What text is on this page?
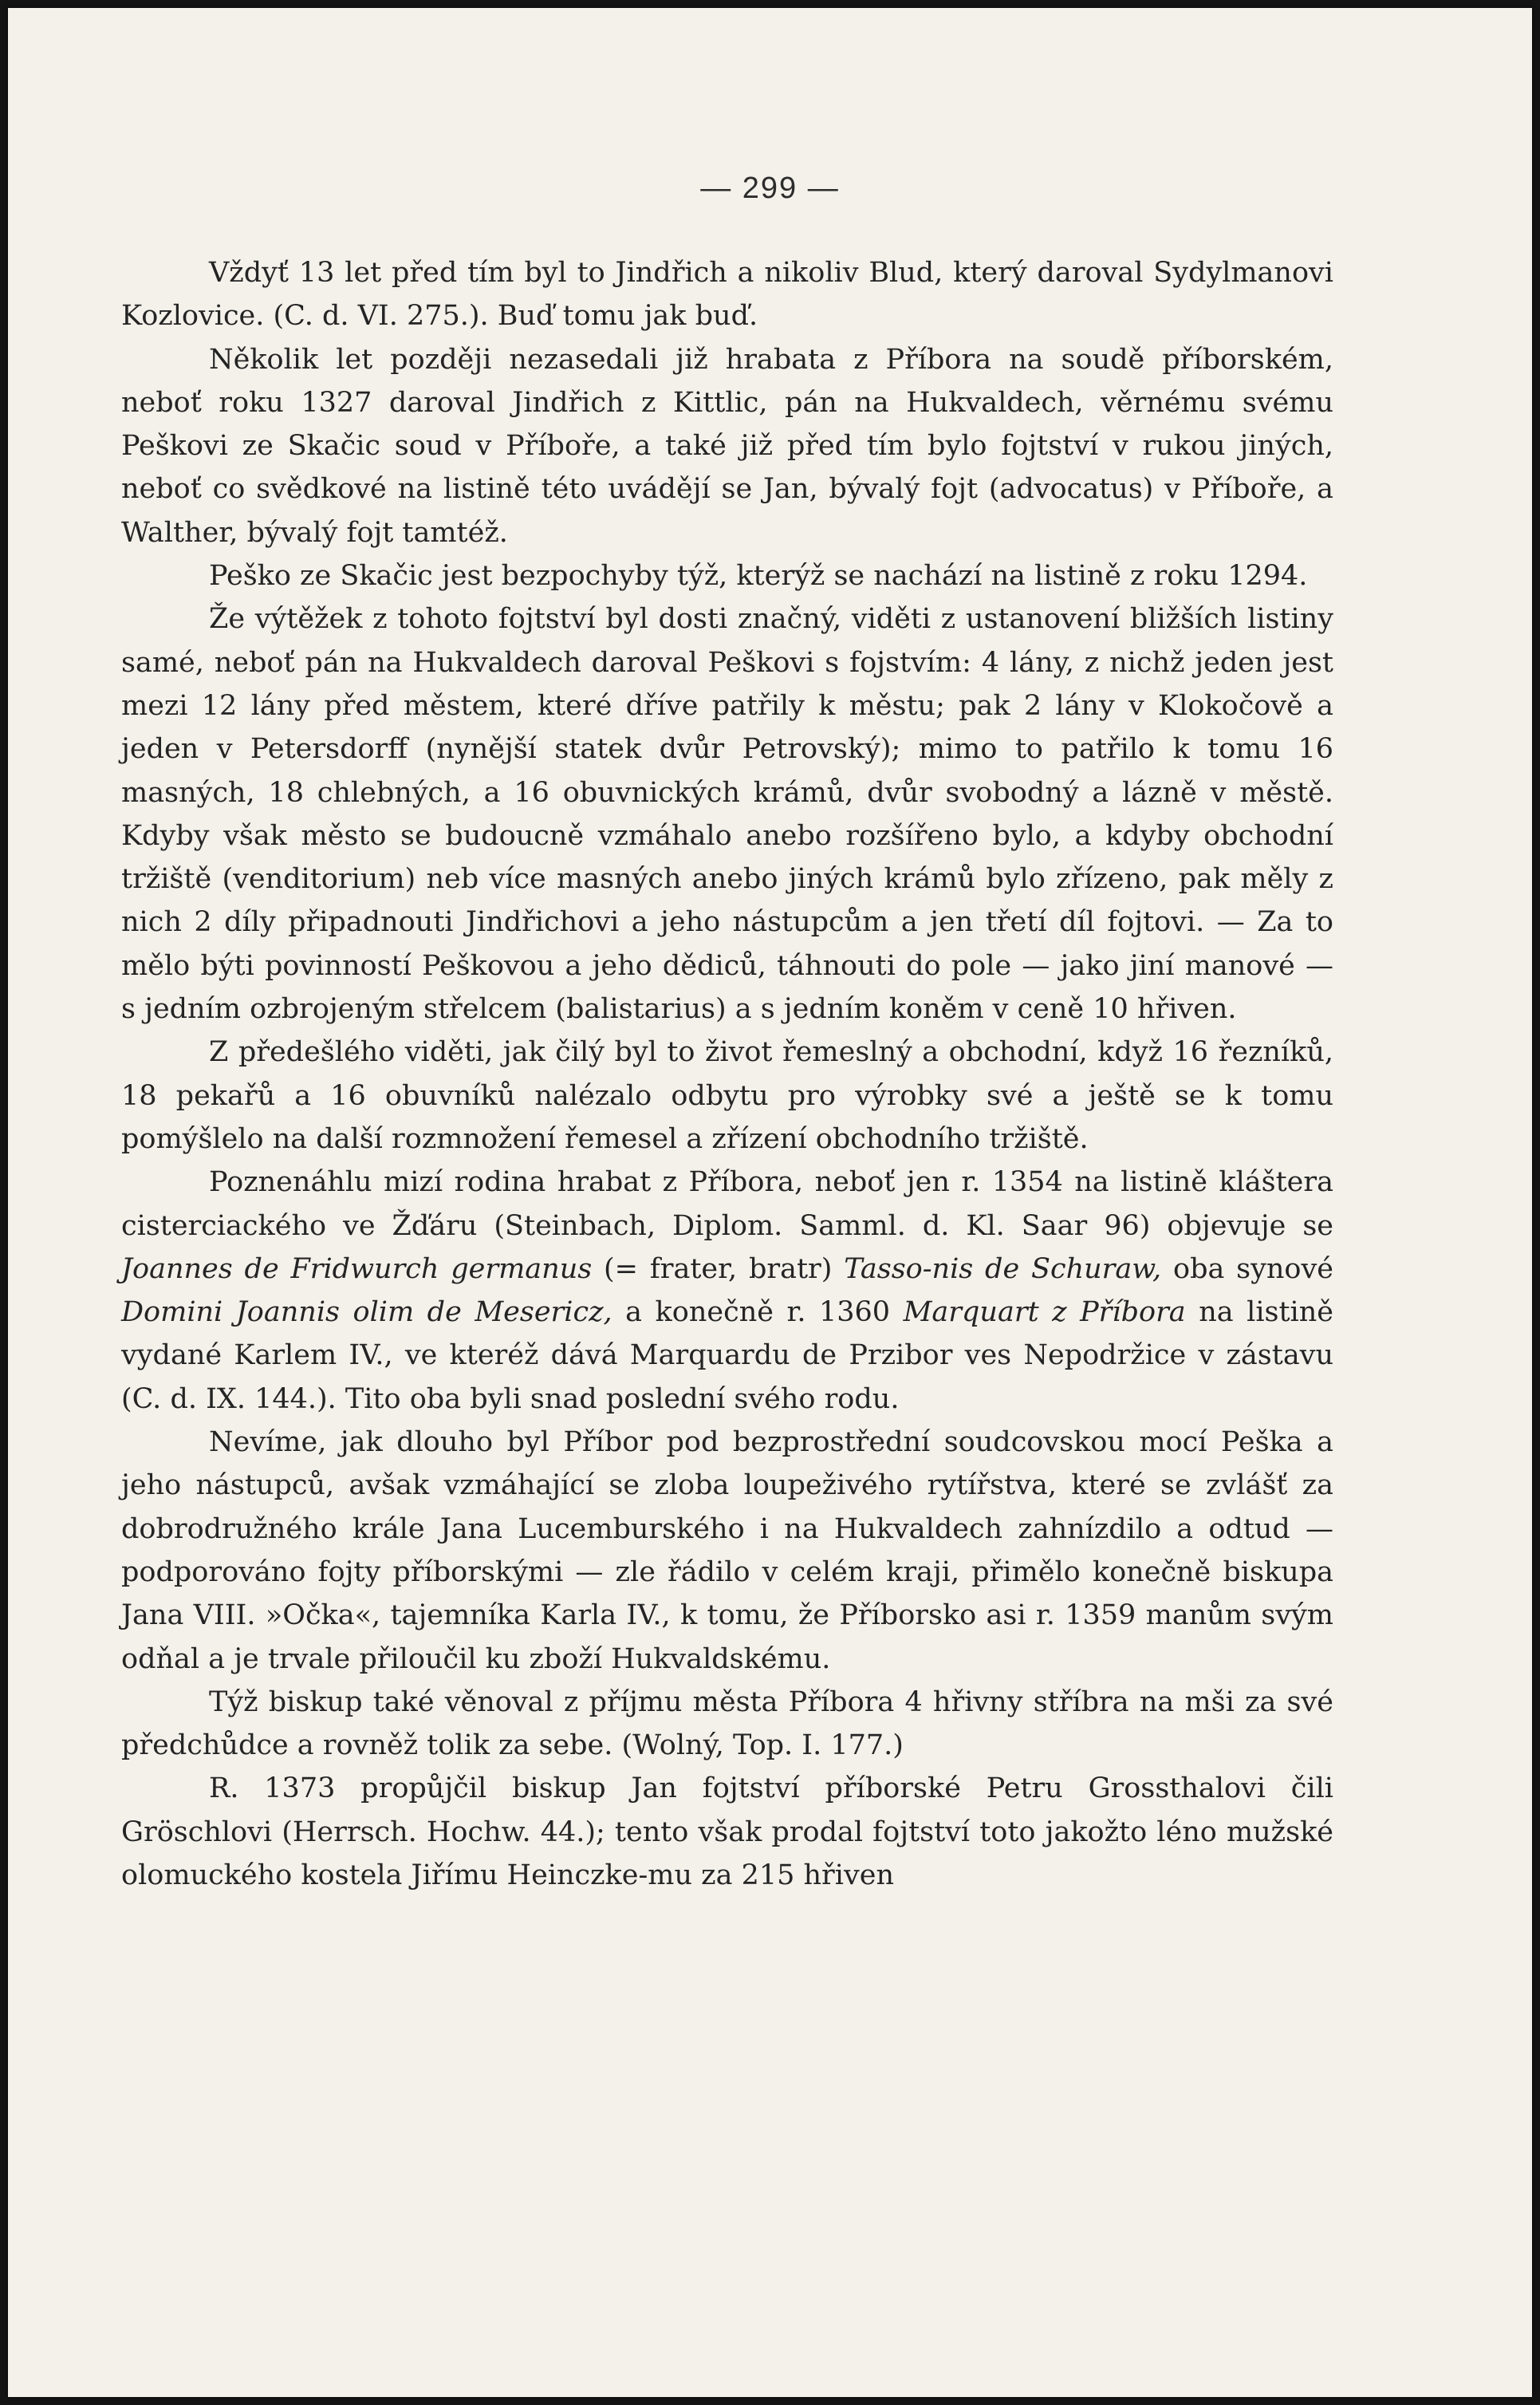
— 299 —

Vždyť 13 let před tím byl to Jindřich a nikoliv Blud, který daroval Sydylmanovi Kozlovice. (C. d. VI. 275.). Buď tomu jak buď.

Několik let později nezasedali již hrabata z Příbora na soudě příborském, neboť roku 1327 daroval Jindřich z Kittlic, pán na Hukvaldech, věrnému svému Peškovi ze Skačic soud v Příboře, a také již před tím bylo fojtství v rukou jiných, neboť co svědkové na listině této uvádějí se Jan, bývalý fojt (advocatus) v Příboře, a Walther, bývalý fojt tamtéž.

Peško ze Skačic jest bezpochyby týž, kterýž se nachází na listině z roku 1294.

Že výtěžek z tohoto fojtství byl dosti značný, viděti z ustanovení bližších listiny samé, neboť pán na Hukvaldech daroval Peškovi s fojstvím: 4 lány, z nichž jeden jest mezi 12 lány před městem, které dříve patřily k městu; pak 2 lány v Klokočově a jeden v Petersdorff (nynější statek dvůr Petrovský); mimo to patřilo k tomu 16 masných, 18 chlebných, a 16 obuvnických krámů, dvůr svobodný a lázně v městě. Kdyby však město se budoucně vzmáhalo anebo rozšířeno bylo, a kdyby obchodní tržiště (venditorium) neb více masných anebo jiných krámů bylo zřízeno, pak měly z nich 2 díly připadnouti Jindřichovi a jeho nástupcům a jen třetí díl fojtovi. — Za to mělo býti povinností Peškovou a jeho dědiců, táhnouti do pole — jako jiní manové — s jedním ozbrojeným střelcem (balistarius) a s jedním koněm v ceně 10 hřiven.

Z předešlého viděti, jak čilý byl to život řemeslný a obchodní, když 16 řezníků, 18 pekařů a 16 obuvníků nalézalo odbytu pro výrobky své a ještě se k tomu pomýšlelo na další rozmnožení řemesel a zřízení obchodního tržiště.

Poznenáhlu mizí rodina hrabat z Příbora, neboť jen r. 1354 na listině kláštera cisterciackého ve Žďáru (Steinbach, Diplom. Samml. d. Kl. Saar 96) objevuje se Joannes de Fridwurch germanus (= frater, bratr) Tasso-nis de Schuraw, oba synové Domini Joannis olim de Mesericz, a konečně r. 1360 Marquart z Příbora na listině vydané Karlem IV., ve kteréž dává Marquardu de Przibor ves Nepodržice v zástavu (C. d. IX. 144.). Tito oba byli snad poslední svého rodu.

Nevíme, jak dlouho byl Příbor pod bezprostřední soudcovskou mocí Peška a jeho nástupců, avšak vzmáhající se zloba loupeživého rytířstva, které se zvlášť za dobrodružného krále Jana Lucemburského i na Hukvaldech zahnízdilo a odtud — podporováno fojty příborskými — zle řádilo v celém kraji, přimělo konečně biskupa Jana VIII. »Očka«, tajemníka Karla IV., k tomu, že Příborsko asi r. 1359 manům svým odňal a je trvale přiloučil ku zboží Hukvaldskému.

Týž biskup také věnoval z příjmu města Příbora 4 hřivny stříbra na mši za své předchůdce a rovněž tolik za sebe. (Wolný, Top. I. 177.)

R. 1373 propůjčil biskup Jan fojtství příborské Petru Grossthalovi čili Gröschlovi (Herrsch. Hochw. 44.); tento však prodal fojtství toto jakožto léno mužské olomuckého kostela Jiřímu Heinczke-mu za 215 hřiven
